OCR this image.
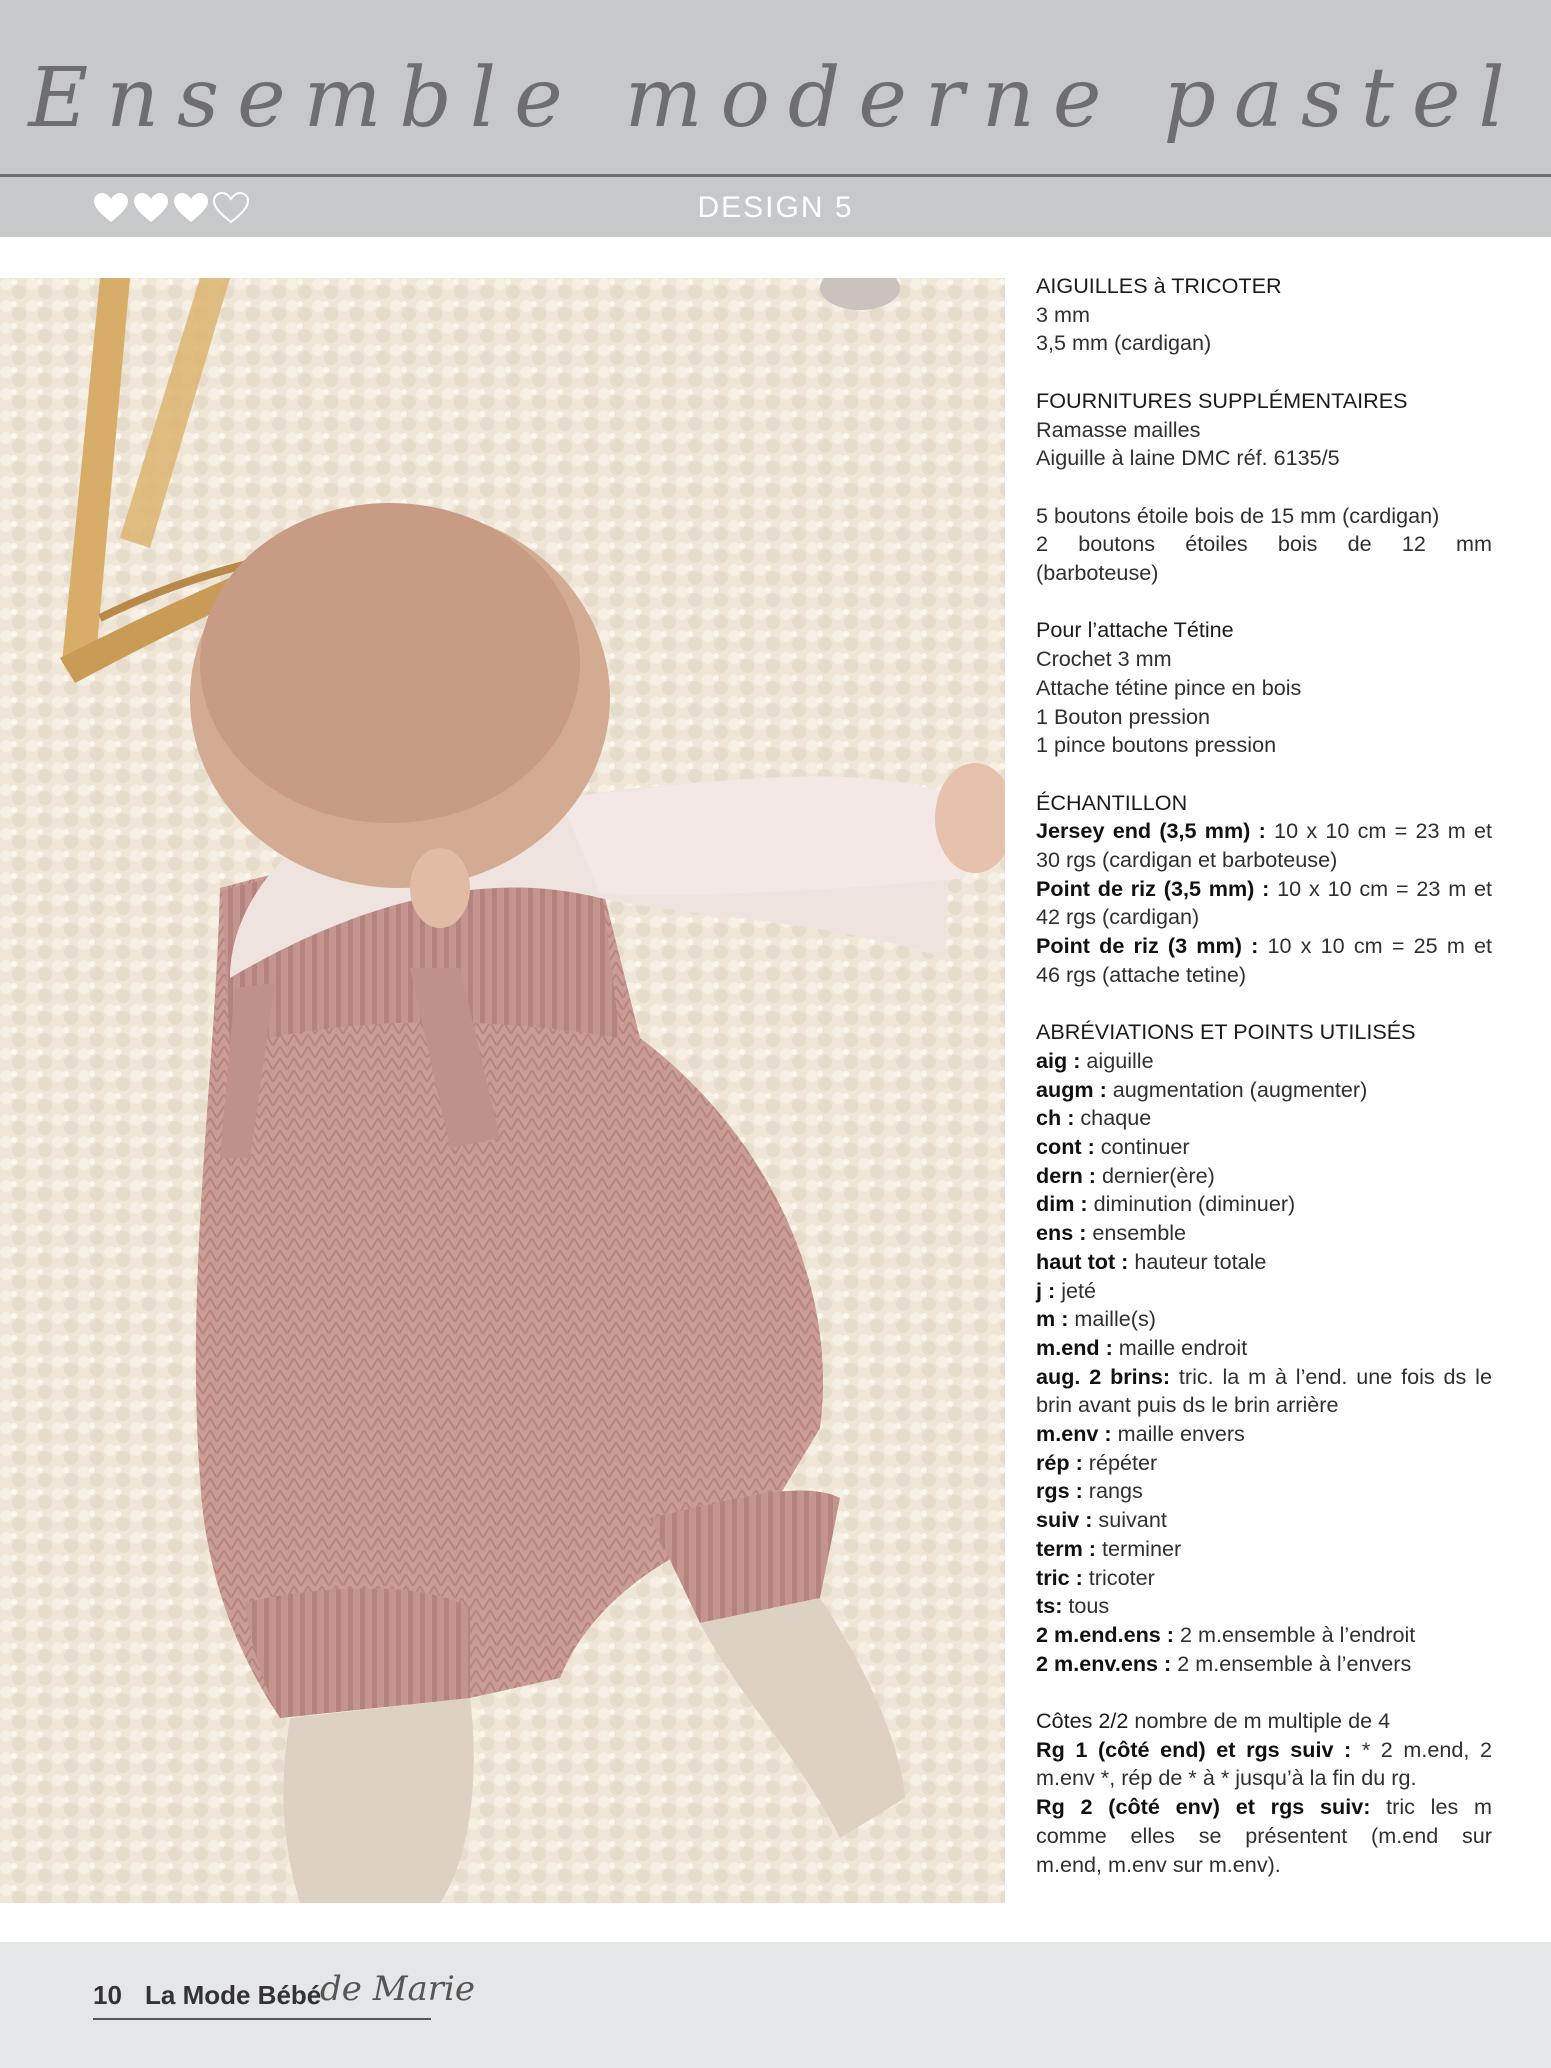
Ensemble moderne pastel
DESIGN 5
AIGUILLES à TRICOTER
3 mm
3,5 mm (cardigan)
FOURNITURES SUPPLÉMENTAIRES
Ramasse mailles
Aiguille à laine DMC réf. 6135/5
5 boutons étoile bois de 15 mm (cardigan)
2 boutons étoiles bois de 12 mm
(barboteuse)
Pour l’attache Tétine
Crochet 3 mm
Attache tétine pince en bois
1 Bouton pression
1 pince boutons pression
ÉCHANTILLON
Jersey end (3,5 mm) : 10 x 10 cm = 23 m et
30 rgs (cardigan et barboteuse)
Point de riz (3,5 mm) : 10 x 10 cm = 23 m et
42 rgs (cardigan)
Point de riz (3 mm) : 10 x 10 cm = 25 m et
46 rgs (attache tetine)
ABRÉVIATIONS ET POINTS UTILISÉS
aig : aiguille
augm : augmentation (augmenter)
ch : chaque
cont : continuer
dern : dernier(ère)
dim : diminution (diminuer)
ens : ensemble
haut tot : hauteur totale
j : jeté
m : maille(s)
m.end : maille endroit
aug. 2 brins: tric. la m à l’end. une fois ds le
brin avant puis ds le brin arrière
m.env : maille envers
rép : répéter
rgs : rangs
suiv : suivant
term : terminer
tric : tricoter
ts: tous
2 m.end.ens : 2 m.ensemble à l’endroit
2 m.env.ens : 2 m.ensemble à l’envers
Côtes 2/2 nombre de m multiple de 4
Rg 1 (côté end) et rgs suiv : * 2 m.end, 2
m.env *, rép de * à * jusqu’à la fin du rg.
Rg 2 (côté env) et rgs suiv: tric les m
comme elles se présentent (m.end sur
m.end, m.env sur m.env).
10 La Mode Bébé
de Marie
